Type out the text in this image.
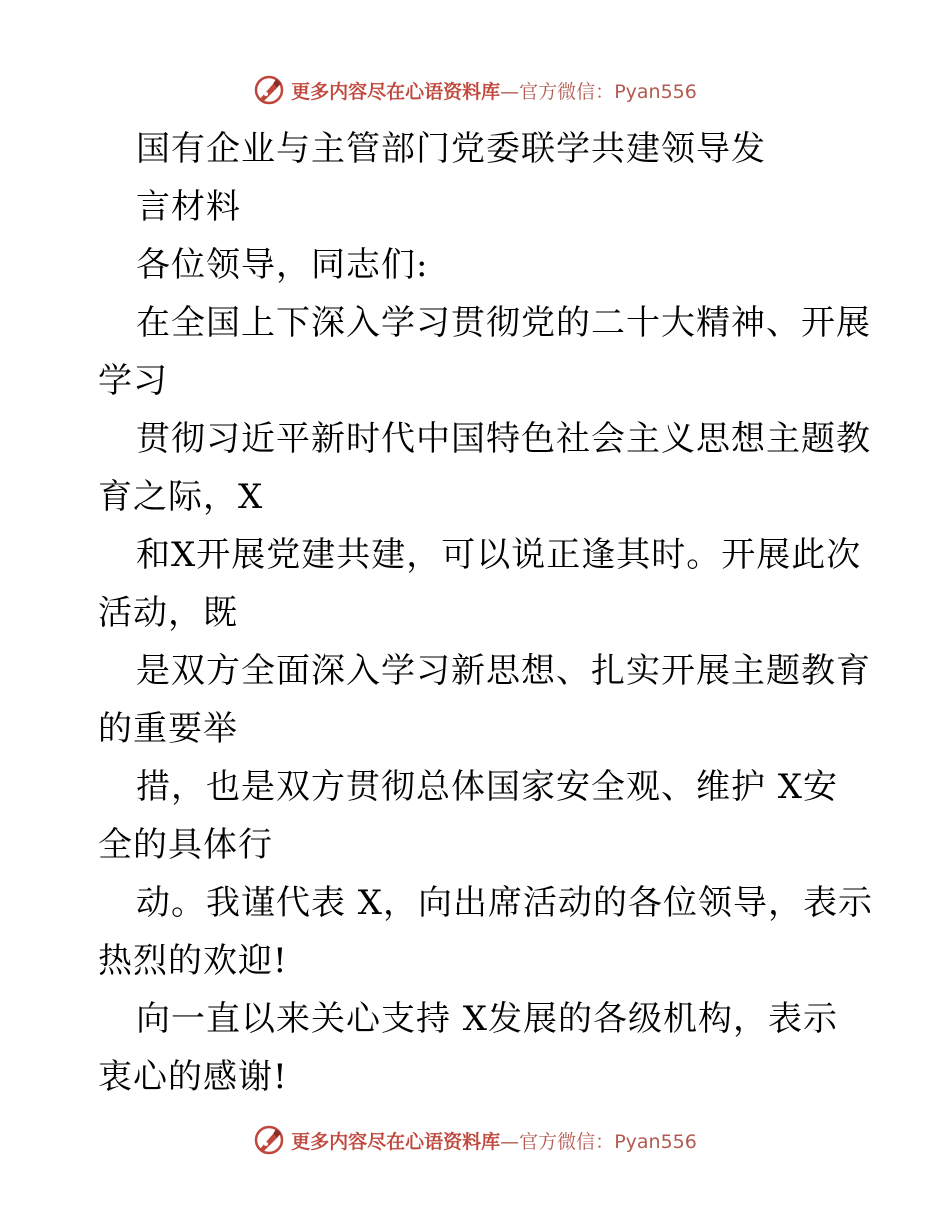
更多内容尽在心语资料库—官方微信：Pyan556
国有企业与主管部门党委联学共建领导发
言材料
各位领导，同志们:
在全国上下深入学习贯彻党的二十大精神、开展
学习
贯彻习近平新时代中国特色社会主义思想主题教
育之际，X
和X开展党建共建，可以说正逢其时。开展此次
活动，既
是双方全面深入学习新思想、扎实开展主题教育
的重要举
措，也是双方贯彻总体国家安全观、维护 X安
全的具体行
动。我谨代表 X，向出席活动的各位领导，表示
热烈的欢迎!
向一直以来关心支持 X发展的各级机构，表示
衷心的感谢!
更多内容尽在心语资料库—官方微信：Pyan556
